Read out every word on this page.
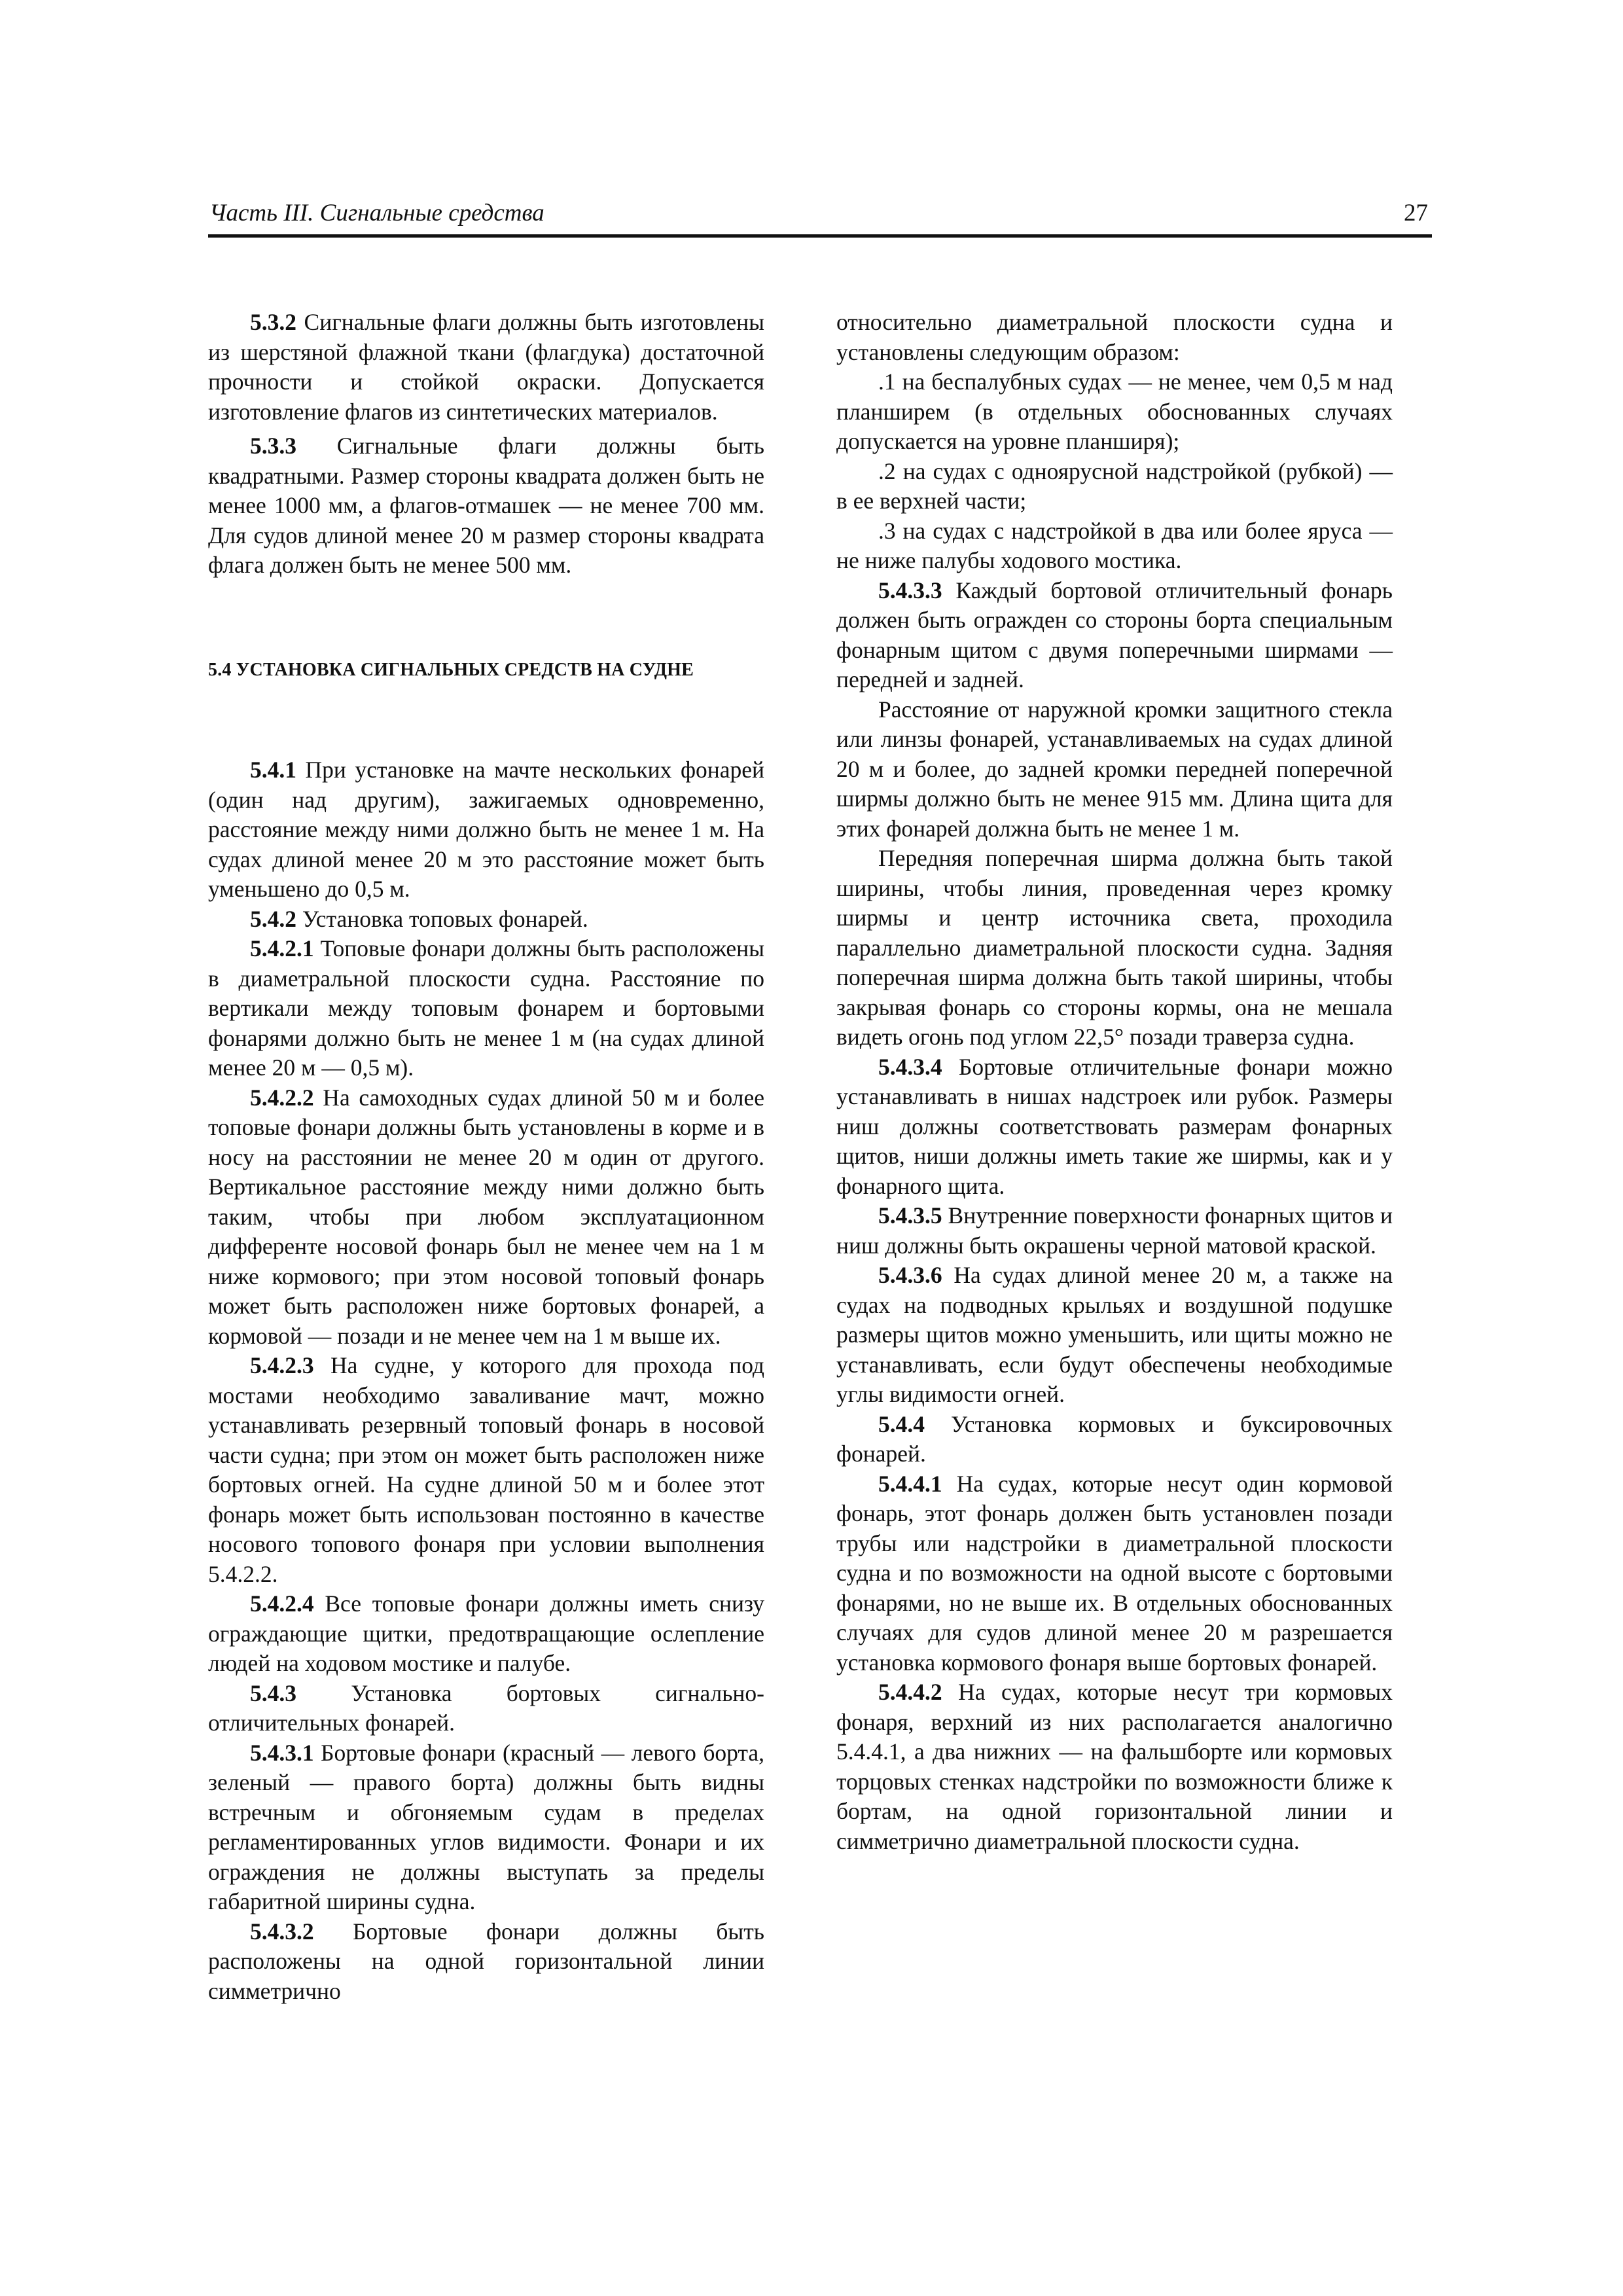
Часть III. Сигнальные средства	27

5.3.2 Сигнальные флаги должны быть изготовлены из шерстяной флажной ткани (флагдука) достаточной прочности и стойкой окраски. Допускается изготовление флагов из синтетических материалов.

5.3.3 Сигнальные флаги должны быть квадратными. Размер стороны квадрата должен быть не менее 1000 мм, а флагов-отмашек — не менее 700 мм. Для судов длиной менее 20 м размер стороны квадрата флага должен быть не менее 500 мм.

5.4 УСТАНОВКА СИГНАЛЬНЫХ СРЕДСТВ НА СУДНЕ

5.4.1 При установке на мачте нескольких фонарей (один над другим), зажигаемых одновременно, расстояние между ними должно быть не менее 1 м. На судах длиной менее 20 м это расстояние может быть уменьшено до 0,5 м.

5.4.2 Установка топовых фонарей.

5.4.2.1 Топовые фонари должны быть расположены в диаметральной плоскости судна. Расстояние по вертикали между топовым фонарем и бортовыми фонарями должно быть не менее 1 м (на судах длиной менее 20 м — 0,5 м).

5.4.2.2 На самоходных судах длиной 50 м и более топовые фонари должны быть установлены в корме и в носу на расстоянии не менее 20 м один от другого. Вертикальное расстояние между ними должно быть таким, чтобы при любом эксплуатационном дифференте носовой фонарь был не менее чем на 1 м ниже кормового; при этом носовой топовый фонарь может быть расположен ниже бортовых фонарей, а кормовой — позади и не менее чем на 1 м выше их.

5.4.2.3 На судне, у которого для прохода под мостами необходимо заваливание мачт, можно устанавливать резервный топовый фонарь в носовой части судна; при этом он может быть расположен ниже бортовых огней. На судне длиной 50 м и более этот фонарь может быть использован постоянно в качестве носового топового фонаря при условии выполнения 5.4.2.2.

5.4.2.4 Все топовые фонари должны иметь снизу ограждающие щитки, предотвращающие ослепление людей на ходовом мостике и палубе.

5.4.3 Установка бортовых сигнально-отличительных фонарей.

5.4.3.1 Бортовые фонари (красный — левого борта, зеленый — правого борта) должны быть видны встречным и обгоняемым судам в пределах регламентированных углов видимости. Фонари и их ограждения не должны выступать за пределы габаритной ширины судна.

5.4.3.2 Бортовые фонари должны быть расположены на одной горизонтальной линии симметрично

относительно диаметральной плоскости судна и установлены следующим образом:

.1 на беспалубных судах — не менее, чем 0,5 м над планширем (в отдельных обоснованных случаях допускается на уровне планширя);

.2 на судах с одноярусной надстройкой (рубкой) — в ее верхней части;

.3 на судах с надстройкой в два или более яруса — не ниже палубы ходового мостика.

5.4.3.3 Каждый бортовой отличительный фонарь должен быть огражден со стороны борта специальным фонарным щитом с двумя поперечными ширмами — передней и задней.

Расстояние от наружной кромки защитного стекла или линзы фонарей, устанавливаемых на судах длиной 20 м и более, до задней кромки передней поперечной ширмы должно быть не менее 915 мм. Длина щита для этих фонарей должна быть не менее 1 м.

Передняя поперечная ширма должна быть такой ширины, чтобы линия, проведенная через кромку ширмы и центр источника света, проходила параллельно диаметральной плоскости судна. Задняя поперечная ширма должна быть такой ширины, чтобы закрывая фонарь со стороны кормы, она не мешала видеть огонь под углом 22,5° позади траверза судна.

5.4.3.4 Бортовые отличительные фонари можно устанавливать в нишах надстроек или рубок. Размеры ниш должны соответствовать размерам фонарных щитов, ниши должны иметь такие же ширмы, как и у фонарного щита.

5.4.3.5 Внутренние поверхности фонарных щитов и ниш должны быть окрашены черной матовой краской.

5.4.3.6 На судах длиной менее 20 м, а также на судах на подводных крыльях и воздушной подушке размеры щитов можно уменьшить, или щиты можно не устанавливать, если будут обеспечены необходимые углы видимости огней.

5.4.4 Установка кормовых и буксировочных фонарей.

5.4.4.1 На судах, которые несут один кормовой фонарь, этот фонарь должен быть установлен позади трубы или надстройки в диаметральной плоскости судна и по возможности на одной высоте с бортовыми фонарями, но не выше их. В отдельных обоснованных случаях для судов длиной менее 20 м разрешается установка кормового фонаря выше бортовых фонарей.

5.4.4.2 На судах, которые несут три кормовых фонаря, верхний из них располагается аналогично 5.4.4.1, а два нижних — на фальшборте или кормовых торцовых стенках надстройки по возможности ближе к бортам, на одной горизонтальной линии и симметрично диаметральной плоскости судна.
